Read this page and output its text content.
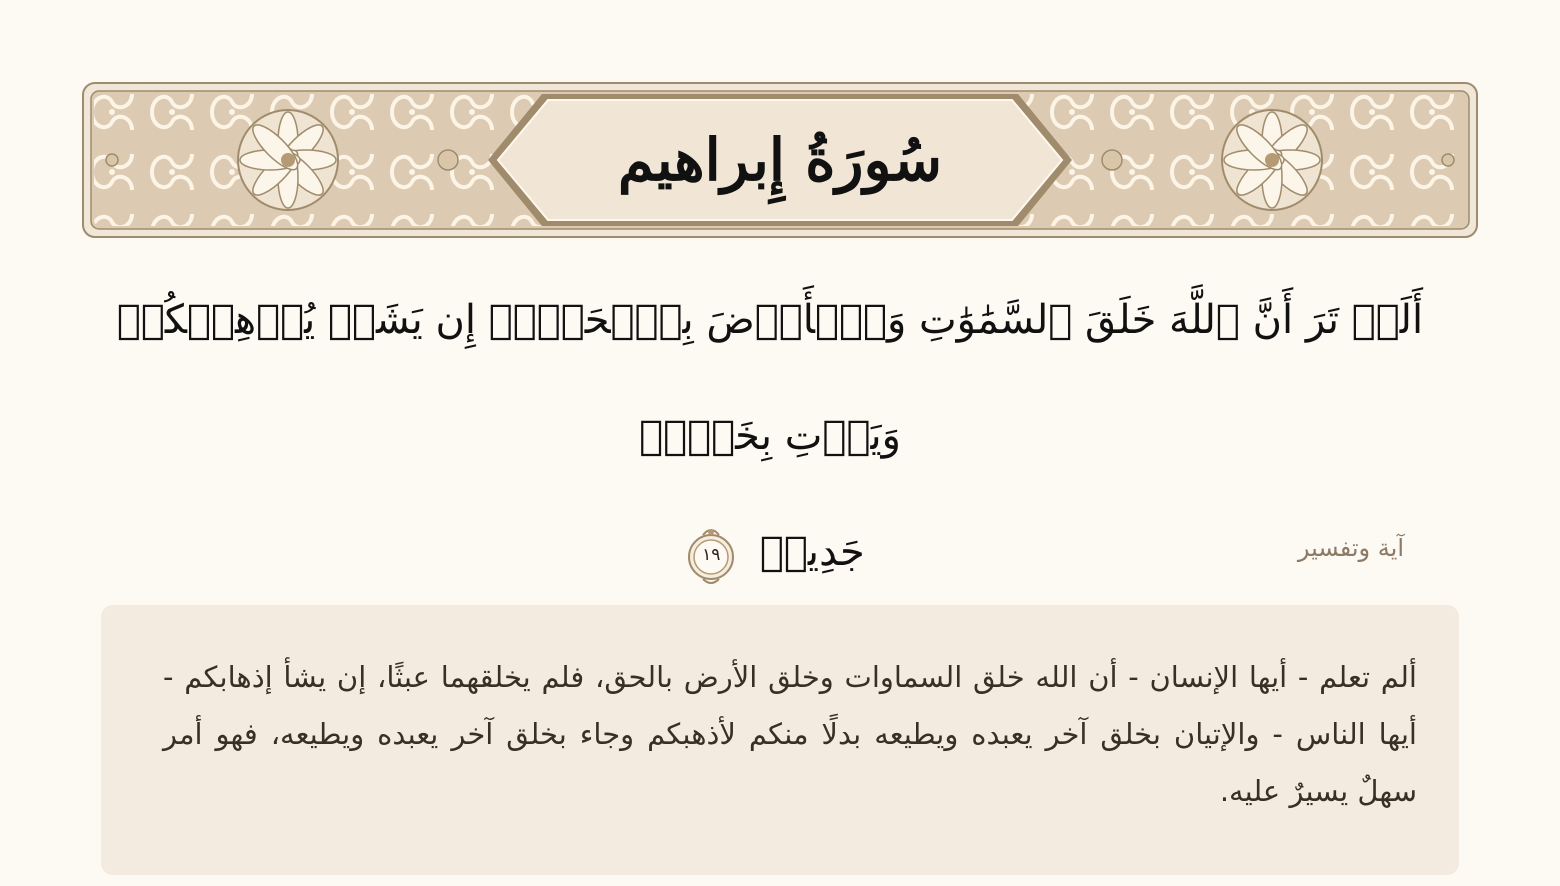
سُورَةُ إِبراهيم
أَلَمۡ تَرَ أَنَّ ٱللَّهَ خَلَقَ ٱلسَّمَٰوَٰتِ وَٱلۡأَرۡضَ بِٱلۡحَقِّۚ إِن يَشَأۡ يُذۡهِبۡكُمۡ وَيَأۡتِ بِخَلۡقٖ
جَدِيدٖ
١٩	آية وتفسير

ألم تعلم - أيها الإنسان - أن الله خلق السماوات وخلق الأرض بالحق، فلم يخلقهما عبثًا، إن يشأ إذهابكم - أيها الناس - والإتيان بخلق آخر يعبده ويطيعه بدلًا منكم لأذهبكم وجاء بخلق آخر يعبده ويطيعه، فهو أمر سهلٌ يسيرٌ عليه.
